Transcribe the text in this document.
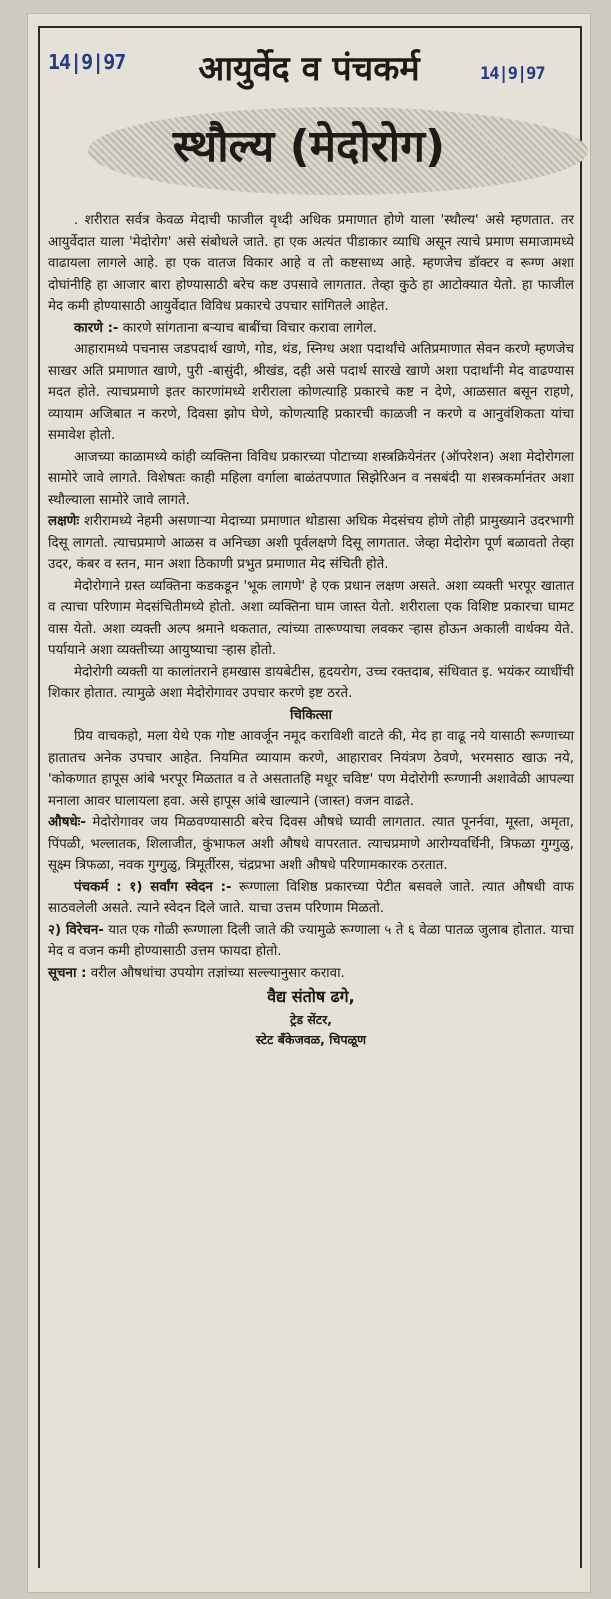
14|9|97	14|9|97
आयुर्वेद व पंचकर्म
स्थौल्य (मेदोरोग)

. शरीरात सर्वत्र केवळ मेदाची फाजील वृध्दी अधिक प्रमाणात होणे याला 'स्थौल्य' असे म्हणतात. तर आयुर्वेदात याला 'मेदोरोग' असे संबोधले जाते. हा एक अत्यंत पीडाकार व्याधि असून त्याचे प्रमाण समाजामध्ये वाढायला लागले आहे. हा एक वातज विकार आहे व तो कष्टसाध्य आहे. म्हणजेच डॉक्टर व रूग्ण अशा दोघांनीहि हा आजार बारा होण्यासाठी बरेच कष्ट उपसावे लागतात. तेव्हा कुठे हा आटोक्यात येतो. हा फाजील मेद कमी होण्यासाठी आयुर्वेदात विविध प्रकारचे उपचार सांगितले आहेत.

कारणे :- कारणे सांगताना बऱ्याच बाबींचा विचार करावा लागेल.

आहारामध्ये पचनास जडपदार्थ खाणे, गोड, थंड, स्निग्ध अशा पदार्थांचे अतिप्रमाणात सेवन करणे म्हणजेच साखर अति प्रमाणात खाणे, पुरी -बासुंदी, श्रीखंड, दही असे पदार्थ सारखे खाणे अशा पदार्थांनी मेद वाढण्यास मदत होते. त्याचप्रमाणे इतर कारणांमध्ये शरीराला कोणत्याहि प्रकारचे कष्ट न देणे, आळसात बसून राहणे, व्यायाम अजिबात न करणे, दिवसा झोप घेणे, कोणत्याहि प्रकारची काळजी न करणे व आनुवंशिकता यांचा समावेश होतो.

आजच्या काळामध्ये कांही व्यक्तिना विविध प्रकारच्या पोटाच्या शस्त्रक्रियेनंतर (ऑपरेशन) अशा मेदोरोगला सामोरे जावे लागते. विशेषतः काही महिला वर्गाला बाळंतपणात सिझेरिअन व नसबंदी या शस्त्रकर्मानंतर अशा स्थौल्याला सामोरे जावे लागते.

लक्षणेः शरीरामध्ये नेहमी असणाऱ्या मेदाच्या प्रमाणात थोडासा अधिक मेदसंचय होणे तोही प्रामुख्याने उदरभागी दिसू लागतो. त्याचप्रमाणे आळस व अनिच्छा अशी पूर्वलक्षणे दिसू लागतात. जेव्हा मेदोरोग पूर्ण बळावतो तेव्हा उदर, कंबर व स्तन, मान अशा ठिकाणी प्रभुत प्रमाणात मेद संचिती होते.

मेदोरोगाने ग्रस्त व्यक्तिना कडकडून 'भूक लागणे' हे एक प्रधान लक्षण असते. अशा व्यक्ती भरपूर खातात व त्याचा परिणाम मेदसंचितीमध्ये होतो. अशा व्यक्तिना घाम जास्त येतो. शरीराला एक विशिष्ट प्रकारचा घामट वास येतो. अशा व्यक्ती अल्प श्रमाने थकतात, त्यांच्या तारूण्याचा लवकर ऱ्हास होऊन अकाली वार्धक्य येते. पर्यायाने अशा व्यक्तीच्या आयुष्याचा ऱ्हास होतो.

मेदोरोगी व्यक्ती या कालांतराने हमखास डायबेटीस, हृदयरोग, उच्च रक्तदाब, संधिवात इ. भयंकर व्याधींची शिकार होतात. त्यामुळे अशा मेदोरोगावर उपचार करणे इष्ट ठरते.

चिकित्सा

प्रिय वाचकहो, मला येथे एक गोष्ट आवर्जून नमूद कराविशी वाटते की, मेद हा वाढू नये यासाठी रूग्णाच्या हातातच अनेक उपचार आहेत. नियमित व्यायाम करणे, आहारावर नियंत्रण ठेवणे, भरमसाठ खाऊ नये, 'कोकणात हापूस आंबे भरपूर मिळतात व ते असतातहि मधूर चविष्ट' पण मेदोरोगी रूग्णानी अशावेळी आपल्या मनाला आवर घालायला हवा. असे हापूस आंबे खाल्याने (जास्त) वजन वाढते.

औषधेः- मेदोरोगावर जय मिळवण्यासाठी बरेच दिवस औषधे घ्यावी लागतात. त्यात पूनर्नवा, मूस्ता, अमृता, पिंपळी, भल्लातक, शिलाजीत, कुंभाफल अशी औषधे वापरतात. त्याचप्रमाणे आरोग्यवर्धिनी, त्रिफळा गुग्गुळु, सूक्ष्म त्रिफळा, नवक गुग्गुळु, त्रिमूर्तीरस, चंद्रप्रभा अशी औषधे परिणामकारक ठरतात.

पंचकर्म : १) सर्वांग स्वेदन :- रूग्णाला विशिष्ठ प्रकारच्या पेटीत बसवले जाते. त्यात औषधी वाफ साठवलेली असते. त्याने स्वेदन दिले जाते. याचा उत्तम परिणाम मिळतो.

२) विरेचन- यात एक गोळी रूग्णाला दिली जाते की ज्यामुळे रूग्णाला ५ ते ६ वेळा पातळ जुलाब होतात. याचा मेद व वजन कमी होण्यासाठी उत्तम फायदा होतो.

सूचना : वरील औषधांचा उपयोग तज्ञांच्या सल्ल्यानुसार करावा.

वैद्य संतोष ढगे,

ट्रेड सेंटर,

स्टेट बॅंकेजवळ, चिपळूण
